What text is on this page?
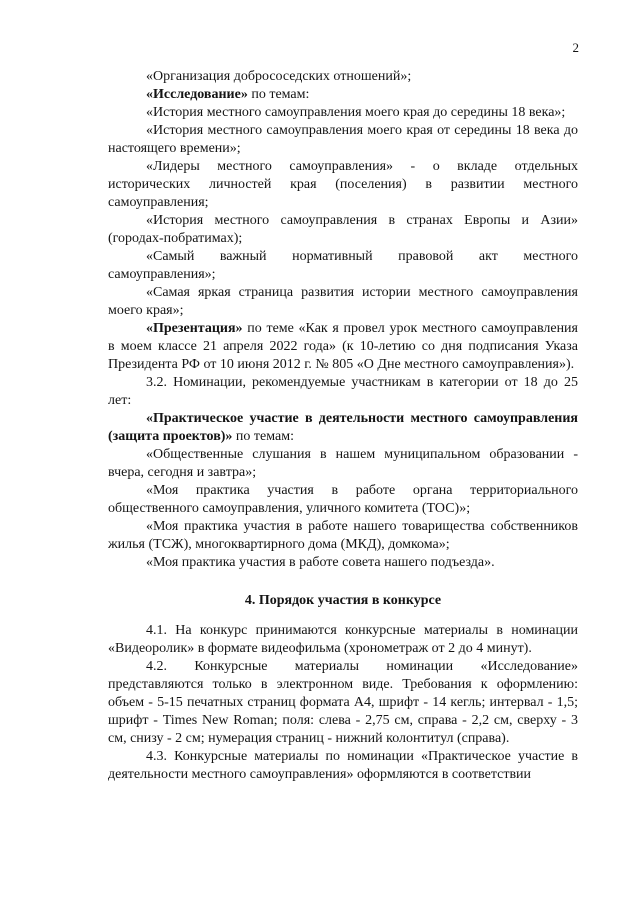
2

«Организация добрососедских отношений»;

«Исследование» по темам:

«История местного самоуправления моего края до середины 18 века»;

«История местного самоуправления моего края от середины 18 века до настоящего времени»;

«Лидеры местного самоуправления» - о вкладе отдельных исторических личностей края (поселения) в развитии местного самоуправления;

«История местного самоуправления в странах Европы и Азии» (городах-побратимах);

«Самый важный нормативный правовой акт местного самоуправления»;

«Самая яркая страница развития истории местного самоуправления моего края»;

«Презентация» по теме «Как я провел урок местного самоуправления в моем классе 21 апреля 2022 года» (к 10-летию со дня подписания Указа Президента РФ от 10 июня 2012 г. № 805 «О Дне местного самоуправления»).

3.2. Номинации, рекомендуемые участникам в категории от 18 до 25 лет:

«Практическое участие в деятельности местного самоуправления (защита проектов)» по темам:

«Общественные слушания в нашем муниципальном образовании - вчера, сегодня и завтра»;

«Моя практика участия в работе органа территориального общественного самоуправления, уличного комитета (ТОС)»;

«Моя практика участия в работе нашего товарищества собственников жилья (ТСЖ), многоквартирного дома (МКД), домкома»;

«Моя практика участия в работе совета нашего подъезда».

4. Порядок участия в конкурсе

4.1. На конкурс принимаются конкурсные материалы в номинации «Видеоролик» в формате видеофильма (хронометраж от 2 до 4 минут).

4.2. Конкурсные материалы номинации «Исследование» представляются только в электронном виде. Требования к оформлению: объем - 5-15 печатных страниц формата А4, шрифт - 14 кегль; интервал - 1,5; шрифт - Times New Roman; поля: слева - 2,75 см, справа - 2,2 см, сверху - 3 см, снизу - 2 см; нумерация страниц - нижний колонтитул (справа).

4.3. Конкурсные материалы по номинации «Практическое участие в деятельности местного самоуправления» оформляются в соответствии
